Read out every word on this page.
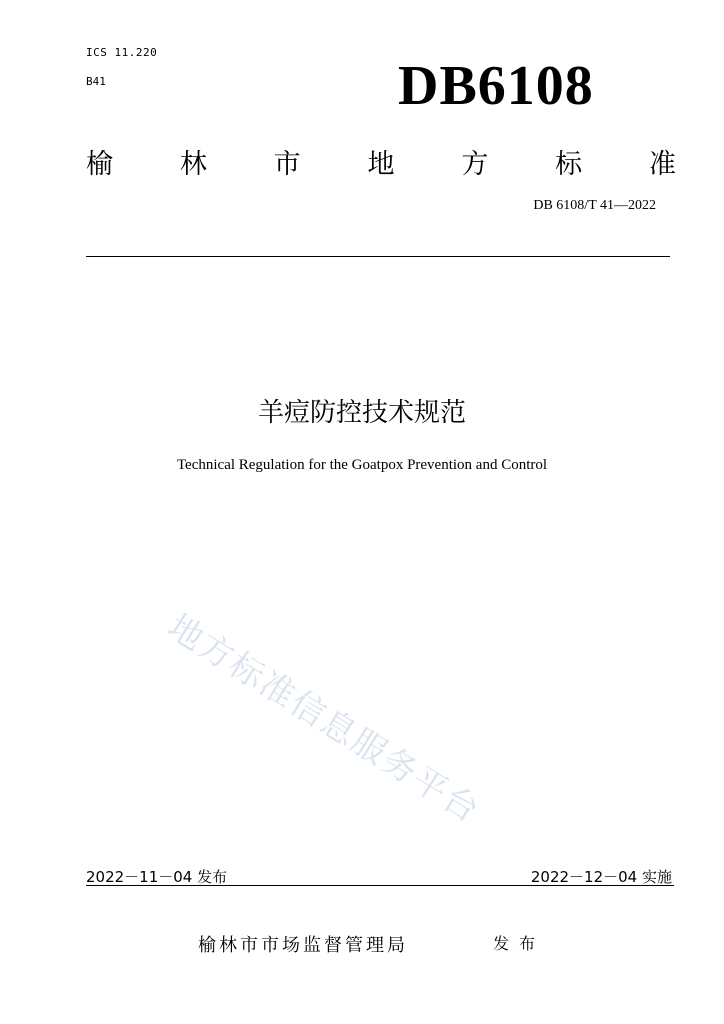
ICS 11.220
B41	DB6108
榆 林 市 地 方 标 准
DB 6108/T 41—2022
羊痘防控技术规范
Technical Regulation for the Goatpox Prevention and Control
地方标准信息服务平台
2022－11－04 发布	2022－12－04 实施
榆林市市场监督管理局	发布
